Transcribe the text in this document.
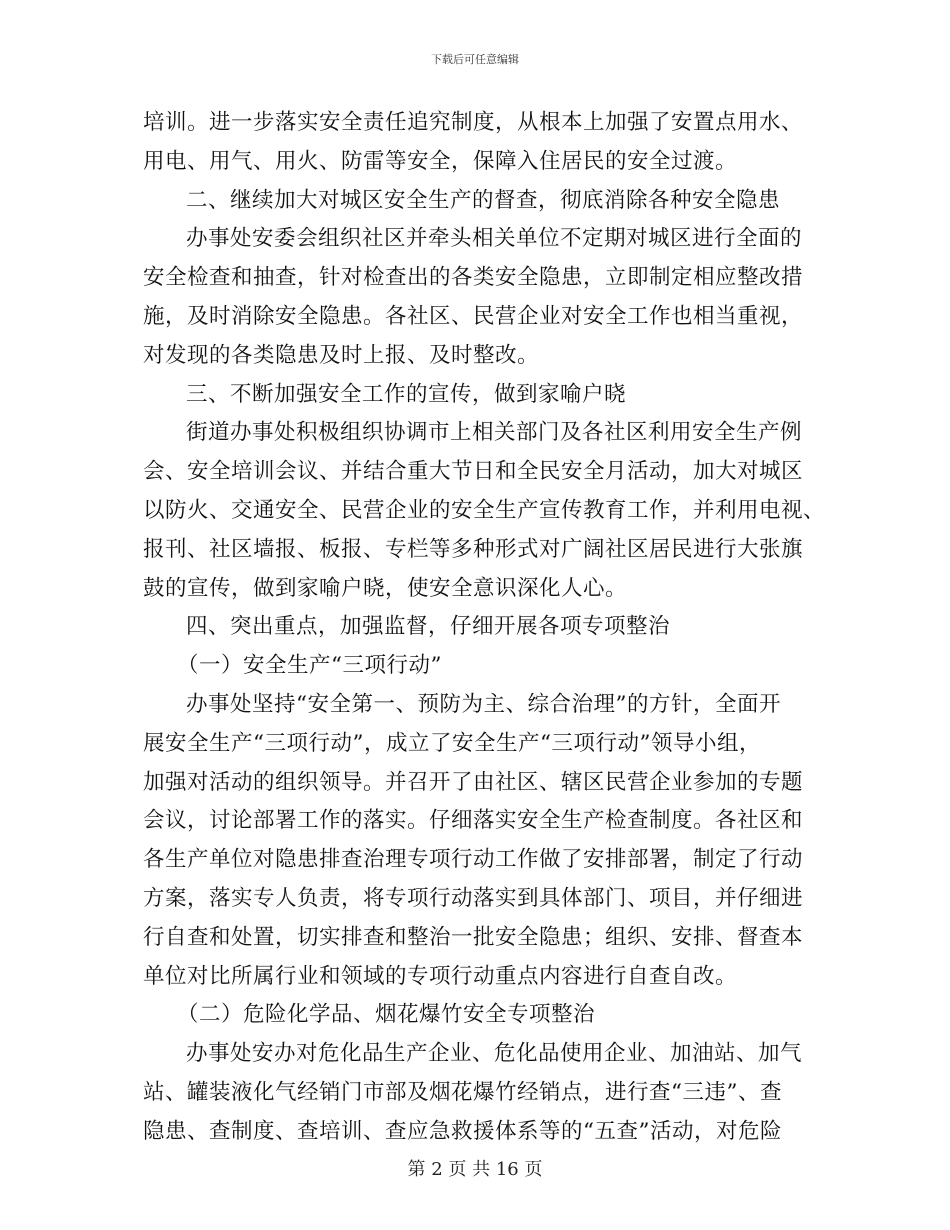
下载后可任意编辑
培训。进一步落实安全责任追究制度，从根本上加强了安置点用水、
用电、用气、用火、防雷等安全，保障入住居民的安全过渡。
二、继续加大对城区安全生产的督查，彻底消除各种安全隐患
办事处安委会组织社区并牵头相关单位不定期对城区进行全面的
安全检查和抽查，针对检查出的各类安全隐患，立即制定相应整改措
施，及时消除安全隐患。各社区、民营企业对安全工作也相当重视，
对发现的各类隐患及时上报、及时整改。
三、不断加强安全工作的宣传，做到家喻户晓
街道办事处积极组织协调市上相关部门及各社区利用安全生产例
会、安全培训会议、并结合重大节日和全民安全月活动，加大对城区
以防火、交通安全、民营企业的安全生产宣传教育工作，并利用电视、
报刊、社区墙报、板报、专栏等多种形式对广阔社区居民进行大张旗
鼓的宣传，做到家喻户晓，使安全意识深化人心。
四、突出重点，加强监督，仔细开展各项专项整治
（一）安全生产“三项行动”
办事处坚持“安全第一、预防为主、综合治理”的方针，全面开
展安全生产“三项行动”，成立了安全生产“三项行动”领导小组，
加强对活动的组织领导。并召开了由社区、辖区民营企业参加的专题
会议，讨论部署工作的落实。仔细落实安全生产检查制度。各社区和
各生产单位对隐患排查治理专项行动工作做了安排部署，制定了行动
方案，落实专人负责，将专项行动落实到具体部门、项目，并仔细进
行自查和处置，切实排查和整治一批安全隐患；组织、安排、督查本
单位对比所属行业和领域的专项行动重点内容进行自查自改。
（二）危险化学品、烟花爆竹安全专项整治
办事处安办对危化品生产企业、危化品使用企业、加油站、加气
站、罐装液化气经销门市部及烟花爆竹经销点，进行查“三违”、查
隐患、查制度、查培训、查应急救援体系等的“五查”活动，对危险
第 2 页 共 16 页
